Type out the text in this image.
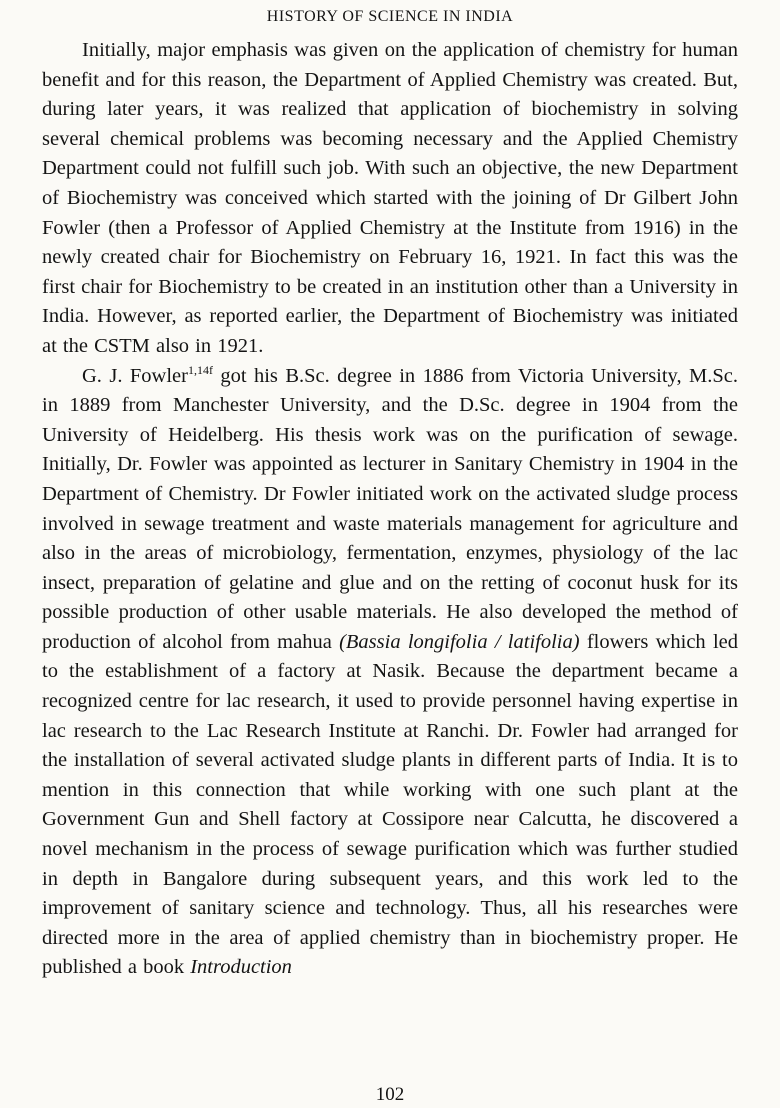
HISTORY OF SCIENCE IN INDIA

Initially, major emphasis was given on the application of chemistry for human benefit and for this reason, the Department of Applied Chemistry was created. But, during later years, it was realized that application of biochemistry in solving several chemical problems was becoming necessary and the Applied Chemistry Department could not fulfill such job. With such an objective, the new Department of Biochemistry was conceived which started with the joining of Dr Gilbert John Fowler (then a Professor of Applied Chemistry at the Institute from 1916) in the newly created chair for Biochemistry on February 16, 1921. In fact this was the first chair for Biochemistry to be created in an institution other than a University in India. However, as reported earlier, the Department of Biochemistry was initiated at the CSTM also in 1921.

G. J. Fowler$^{1,14f}$ got his B.Sc. degree in 1886 from Victoria University, M.Sc. in 1889 from Manchester University, and the D.Sc. degree in 1904 from the University of Heidelberg. His thesis work was on the purification of sewage. Initially, Dr. Fowler was appointed as lecturer in Sanitary Chemistry in 1904 in the Department of Chemistry. Dr Fowler initiated work on the activated sludge process involved in sewage treatment and waste materials management for agriculture and also in the areas of microbiology, fermentation, enzymes, physiology of the lac insect, preparation of gelatine and glue and on the retting of coconut husk for its possible production of other usable materials. He also developed the method of production of alcohol from mahua (Bassia longifolia / latifolia) flowers which led to the establishment of a factory at Nasik. Because the department became a recognized centre for lac research, it used to provide personnel having expertise in lac research to the Lac Research Institute at Ranchi. Dr. Fowler had arranged for the installation of several activated sludge plants in different parts of India. It is to mention in this connection that while working with one such plant at the Government Gun and Shell factory at Cossipore near Calcutta, he discovered a novel mechanism in the process of sewage purification which was further studied in depth in Bangalore during subsequent years, and this work led to the improvement of sanitary science and technology. Thus, all his researches were directed more in the area of applied chemistry than in biochemistry proper. He published a book Introduction

102
